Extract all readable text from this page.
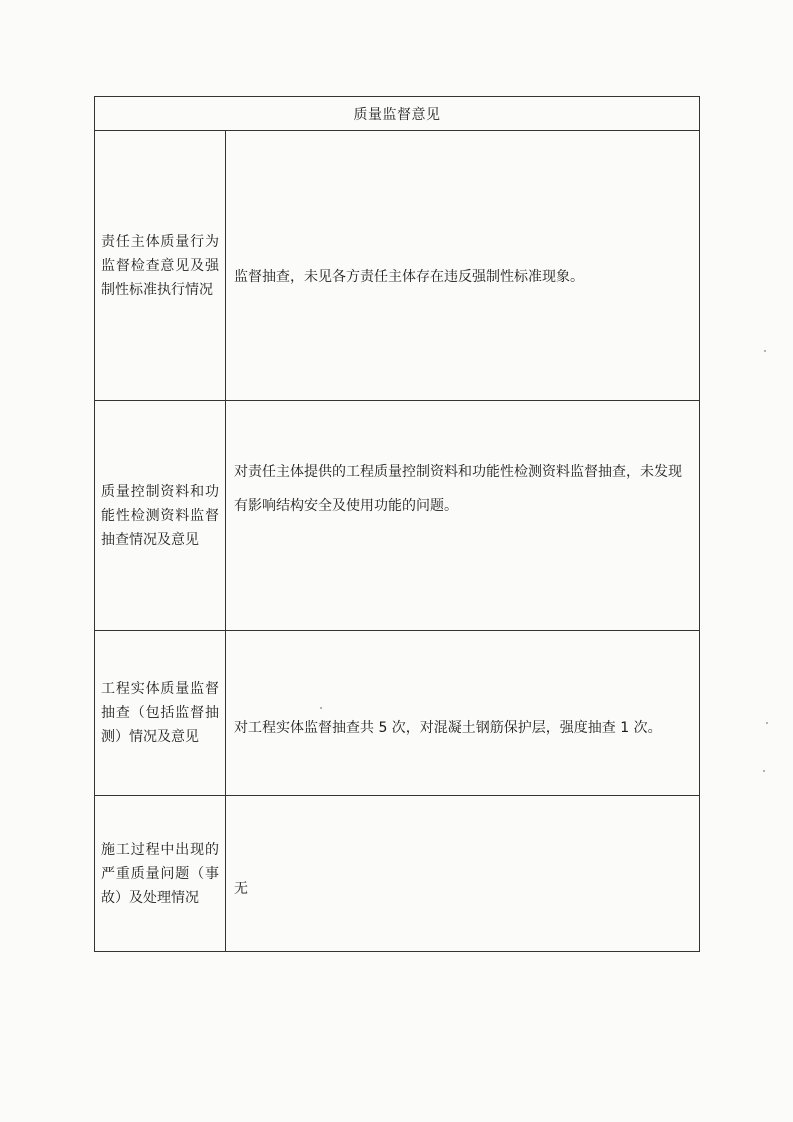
质量监督意见
责任主体质量行为监督检查意见及强制性标准执行情况
监督抽查，未见各方责任主体存在违反强制性标准现象。
质量控制资料和功能性检测资料监督抽查情况及意见
对责任主体提供的工程质量控制资料和功能性检测资料监督抽查，未发现有影响结构安全及使用功能的问题。
工程实体质量监督抽查（包括监督抽测）情况及意见
对工程实体监督抽查共 5 次，对混凝土钢筋保护层，强度抽查 1 次。
施工过程中出现的严重质量问题（事故）及处理情况
无
